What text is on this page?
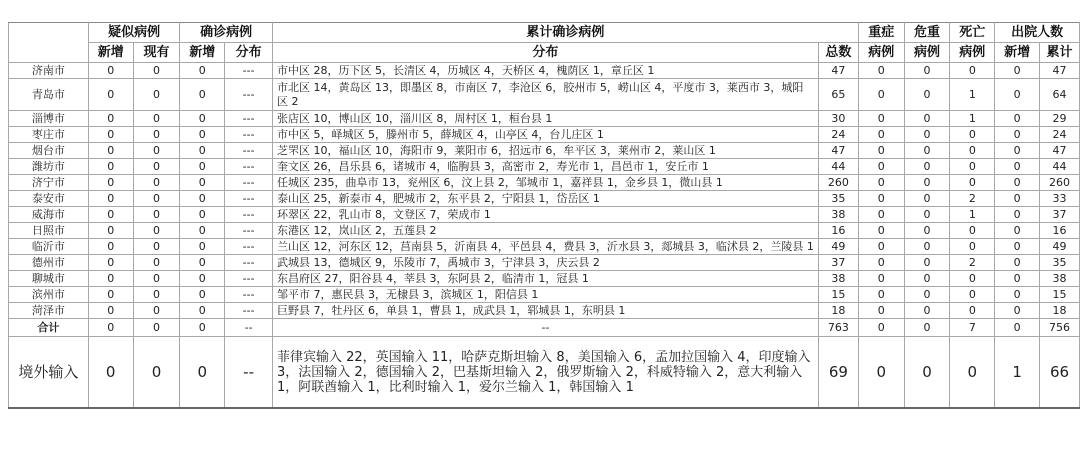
	疑似病例		确诊病例		累计确诊病例		重症	危重	死亡	出院人数	
	新增	现有	新增	分布	分布	总数	病例	病例	病例	新增	累计
济南市	0	0	0	---	市中区 28，历下区 5，长清区 4，历城区 4，天桥区 4，槐荫区 1，章丘区 1	47	0	0	0	0	47
青岛市	0	0	0	---	市北区 14，黄岛区 13，即墨区 8，市南区 7，李沧区 6，胶州市 5，崂山区 4，平度市 3，莱西市 3，城阳区 2	65	0	0	1	0	64
淄博市	0	0	0	---	张店区 10，博山区 10，淄川区 8，周村区 1，桓台县 1	30	0	0	1	0	29
枣庄市	0	0	0	---	市中区 5，峄城区 5，滕州市 5，薛城区 4，山亭区 4，台儿庄区 1	24	0	0	0	0	24
烟台市	0	0	0	---	芝罘区 10，福山区 10，海阳市 9，莱阳市 6，招远市 6，牟平区 3，莱州市 2，莱山区 1	47	0	0	0	0	47
潍坊市	0	0	0	---	奎文区 26，昌乐县 6，诸城市 4，临朐县 3，高密市 2，寿光市 1，昌邑市 1，安丘市 1	44	0	0	0	0	44
济宁市	0	0	0	---	任城区 235，曲阜市 13，兖州区 6，汶上县 2，邹城市 1，嘉祥县 1，金乡县 1，微山县 1	260	0	0	0	0	260
泰安市	0	0	0	---	泰山区 25，新泰市 4，肥城市 2，东平县 2，宁阳县 1，岱岳区 1	35	0	0	2	0	33
威海市	0	0	0	---	环翠区 22，乳山市 8，文登区 7，荣成市 1	38	0	0	1	0	37
日照市	0	0	0	---	东港区 12，岚山区 2，五莲县 2	16	0	0	0	0	16
临沂市	0	0	0	---	兰山区 12，河东区 12，莒南县 5，沂南县 4，平邑县 4，费县 3，沂水县 3，郯城县 3，临沭县 2，兰陵县 1	49	0	0	0	0	49
德州市	0	0	0	---	武城县 13，德城区 9，乐陵市 7，禹城市 3，宁津县 3，庆云县 2	37	0	0	2	0	35
聊城市	0	0	0	---	东昌府区 27，阳谷县 4，莘县 3，东阿县 2，临清市 1，冠县 1	38	0	0	0	0	38
滨州市	0	0	0	---	邹平市 7，惠民县 3，无棣县 3，滨城区 1，阳信县 1	15	0	0	0	0	15
菏泽市	0	0	0	---	巨野县 7，牡丹区 6，单县 1，曹县 1，成武县 1，郓城县 1，东明县 1	18	0	0	0	0	18
合计	0	0	0	--	--	763	0	0	7	0	756
境外输入	0	0	0	--	菲律宾输入 22，英国输入 11，哈萨克斯坦输入 8，美国输入 6，孟加拉国输入 4，印度输入 3，法国输入 2，德国输入 2，巴基斯坦输入 2，俄罗斯输入 2，科威特输入 2，意大利输入 1，阿联酋输入 1，比利时输入 1，爱尔兰输入 1，韩国输入 1	69	0	0	0	1	66
